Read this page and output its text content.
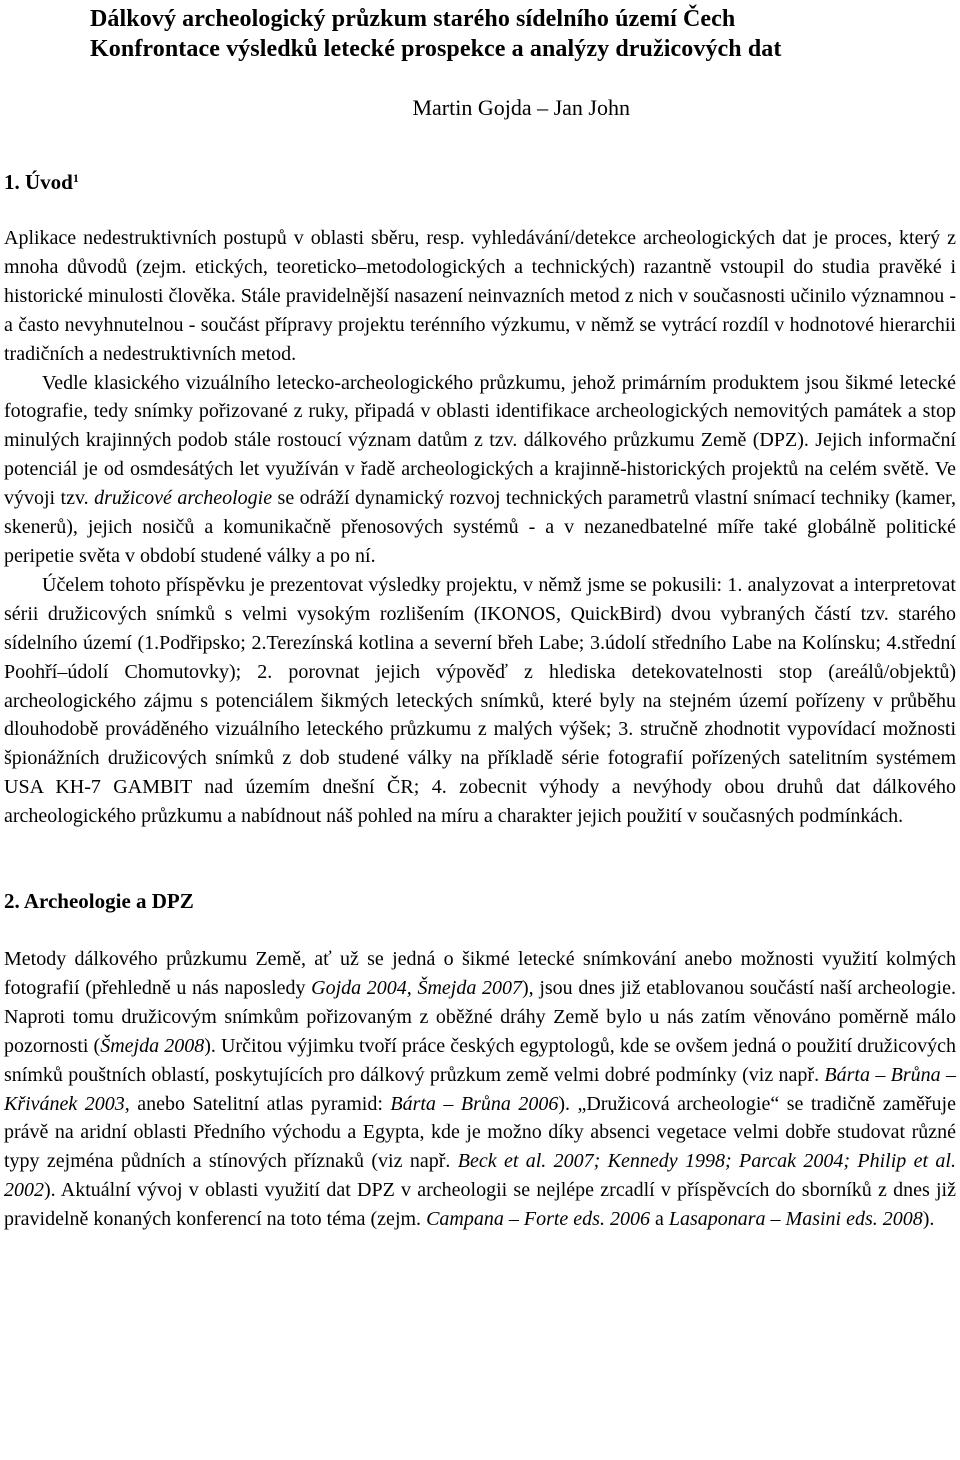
Dálkový archeologický průzkum starého sídelního území Čech
Konfrontace výsledků letecké prospekce a analýzy družicových dat
Martin Gojda – Jan John
1. Úvod$^1$

Aplikace nedestruktivních postupů v oblasti sběru, resp. vyhledávání/detekce archeologických dat je proces, který z mnoha důvodů (zejm. etických, teoreticko–metodologických a technických) razantně vstoupil do studia pravěké i historické minulosti člověka. Stále pravidelnější nasazení neinvazních metod z nich v současnosti učinilo významnou - a často nevyhnutelnou - součást přípravy projektu terénního výzkumu, v němž se vytrácí rozdíl v hodnotové hierarchii tradičních a nedestruktivních metod.

Vedle klasického vizuálního letecko-archeologického průzkumu, jehož primárním produktem jsou šikmé letecké fotografie, tedy snímky pořizované z ruky, připadá v oblasti identifikace archeologických nemovitých památek a stop minulých krajinných podob stále rostoucí význam datům z tzv. dálkového průzkumu Země (DPZ). Jejich informační potenciál je od osmdesátých let využíván v řadě archeologických a krajinně-historických projektů na celém světě. Ve vývoji tzv. družicové archeologie se odráží dynamický rozvoj technických parametrů vlastní snímací techniky (kamer, skenerů), jejich nosičů a komunikačně přenosových systémů - a v nezanedbatelné míře také globálně politické peripetie světa v období studené války a po ní.

Účelem tohoto příspěvku je prezentovat výsledky projektu, v němž jsme se pokusili: 1. analyzovat a interpretovat sérii družicových snímků s velmi vysokým rozlišením (IKONOS, QuickBird) dvou vybraných částí tzv. starého sídelního území (1.Podřipsko; 2.Terezínská kotlina a severní břeh Labe; 3.údolí středního Labe na Kolínsku; 4.střední Poohří–údolí Chomutovky); 2. porovnat jejich výpověď z hlediska detekovatelnosti stop (areálů/objektů) archeologického zájmu s potenciálem šikmých leteckých snímků, které byly na stejném území pořízeny v průběhu dlouhodobě prováděného vizuálního leteckého průzkumu z malých výšek; 3. stručně zhodnotit vypovídací možnosti špionážních družicových snímků z dob studené války na příkladě série fotografií pořízených satelitním systémem USA KH-7 GAMBIT nad územím dnešní ČR; 4. zobecnit výhody a nevýhody obou druhů dat dálkového archeologického průzkumu a nabídnout náš pohled na míru a charakter jejich použití v současných podmínkách.

2. Archeologie a DPZ

Metody dálkového průzkumu Země, ať už se jedná o šikmé letecké snímkování anebo možnosti využití kolmých fotografií (přehledně u nás naposledy Gojda 2004, Šmejda 2007), jsou dnes již etablovanou součástí naší archeologie. Naproti tomu družicovým snímkům pořizovaným z oběžné dráhy Země bylo u nás zatím věnováno poměrně málo pozornosti (Šmejda 2008). Určitou výjimku tvoří práce českých egyptologů, kde se ovšem jedná o použití družicových snímků pouštních oblastí, poskytujících pro dálkový průzkum země velmi dobré podmínky (viz např. Bárta – Brůna – Křivánek 2003, anebo Satelitní atlas pyramid: Bárta – Brůna 2006). „Družicová archeologie“ se tradičně zaměřuje právě na aridní oblasti Předního východu a Egypta, kde je možno díky absenci vegetace velmi dobře studovat různé typy zejména půdních a stínových příznaků (viz např. Beck et al. 2007; Kennedy 1998; Parcak 2004; Philip et al. 2002). Aktuální vývoj v oblasti využití dat DPZ v archeologii se nejlépe zrcadlí v příspěvcích do sborníků z dnes již pravidelně konaných konferencí na toto téma (zejm. Campana – Forte eds. 2006 a Lasaponara – Masini eds. 2008).
